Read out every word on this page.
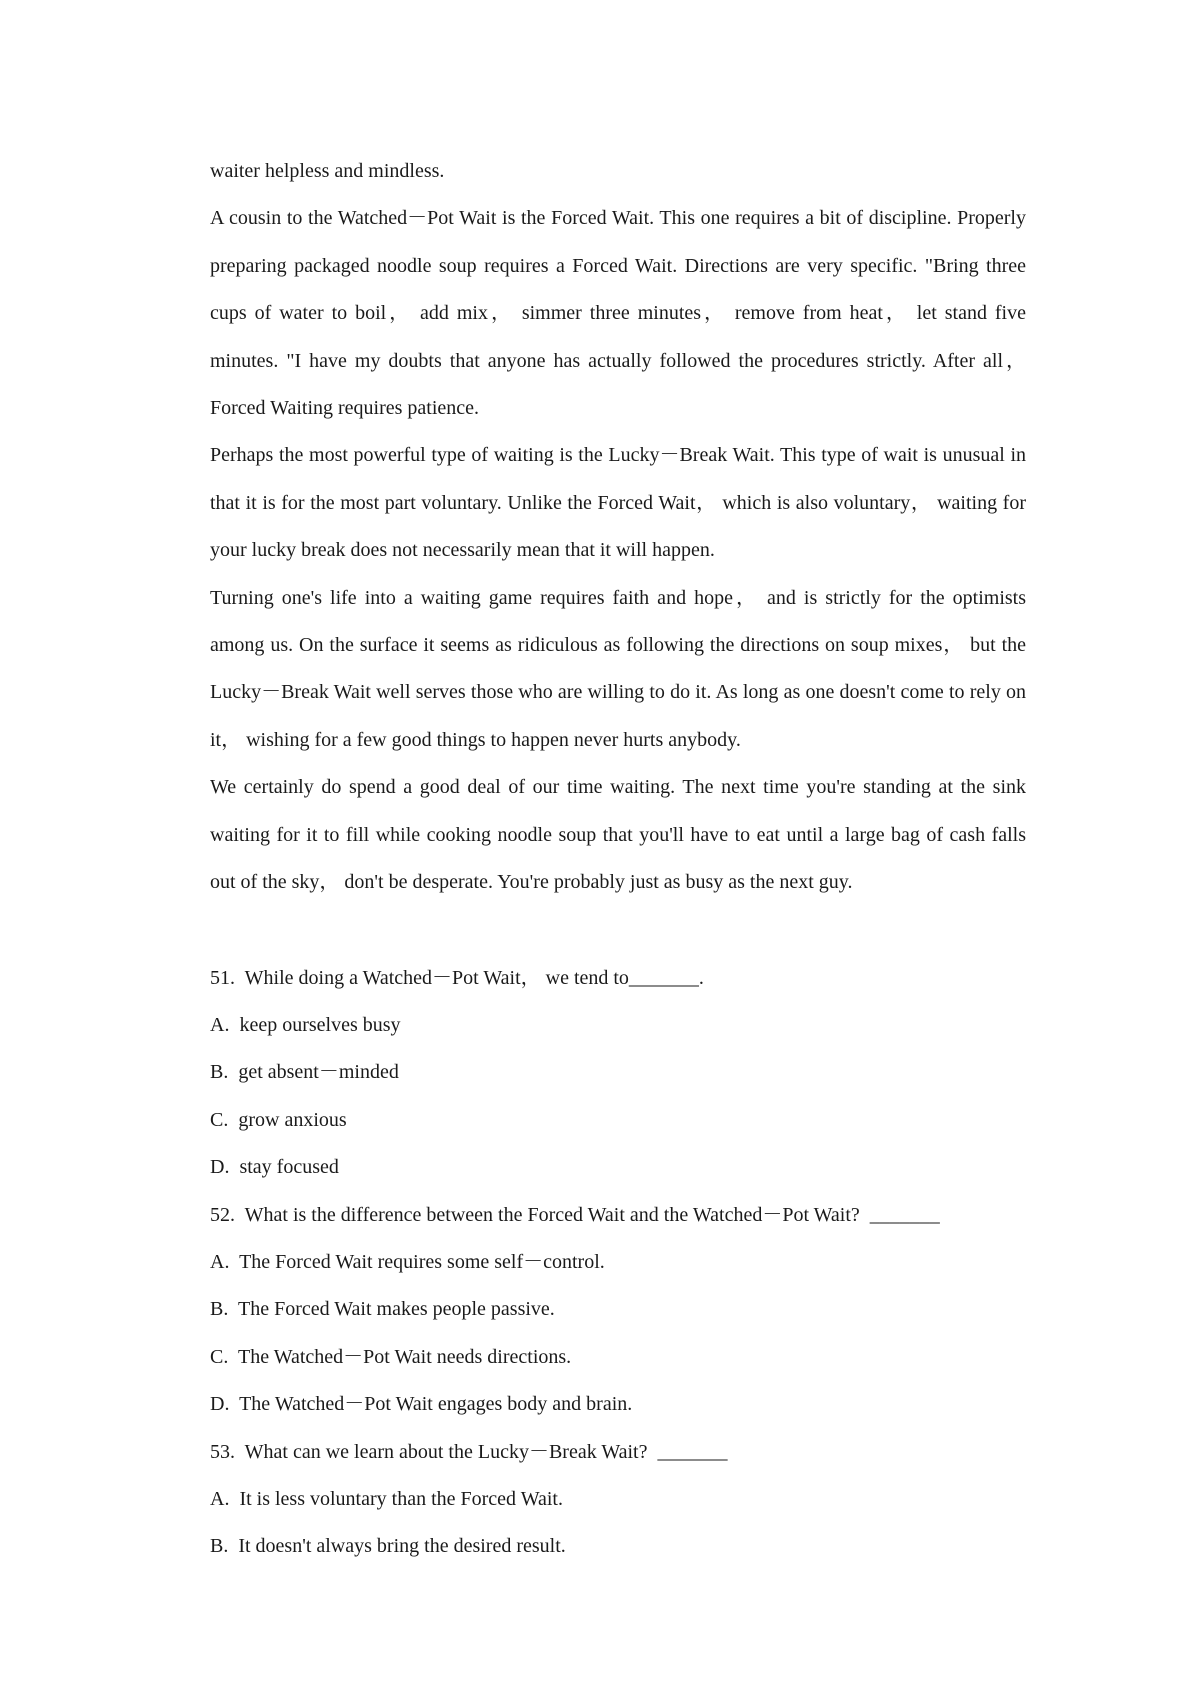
waiter helpless and mindless.

A cousin to the Watched－Pot Wait is the Forced Wait. This one requires a bit of discipline. Properly preparing packaged noodle soup requires a Forced Wait. Directions are very specific. "Bring three cups of water to boil， add mix， simmer three minutes， remove from heat， let stand five minutes. "I have my doubts that anyone has actually followed the procedures strictly. After all， Forced Waiting requires patience.

Perhaps the most powerful type of waiting is the Lucky－Break Wait. This type of wait is unusual in that it is for the most part voluntary. Unlike the Forced Wait， which is also voluntary， waiting for your lucky break does not necessarily mean that it will happen.

Turning one's life into a waiting game requires faith and hope， and is strictly for the optimists among us. On the surface it seems as ridiculous as following the directions on soup mixes， but the Lucky－Break Wait well serves those who are willing to do it. As long as one doesn't come to rely on it， wishing for a few good things to happen never hurts anybody.

We certainly do spend a good deal of our time waiting. The next time you're standing at the sink waiting for it to fill while cooking noodle soup that you'll have to eat until a large bag of cash falls out of the sky， don't be desperate. You're probably just as busy as the next guy.

51.  While doing a Watched－Pot Wait， we tend to_______.

A.  keep ourselves busy

B.  get absent－minded

C.  grow anxious

D.  stay focused

52.  What is the difference between the Forced Wait and the Watched－Pot Wait?  _______

A.  The Forced Wait requires some self－control.

B.  The Forced Wait makes people passive.

C.  The Watched－Pot Wait needs directions.

D.  The Watched－Pot Wait engages body and brain.

53.  What can we learn about the Lucky－Break Wait?  _______

A.  It is less voluntary than the Forced Wait.

B.  It doesn't always bring the desired result.
